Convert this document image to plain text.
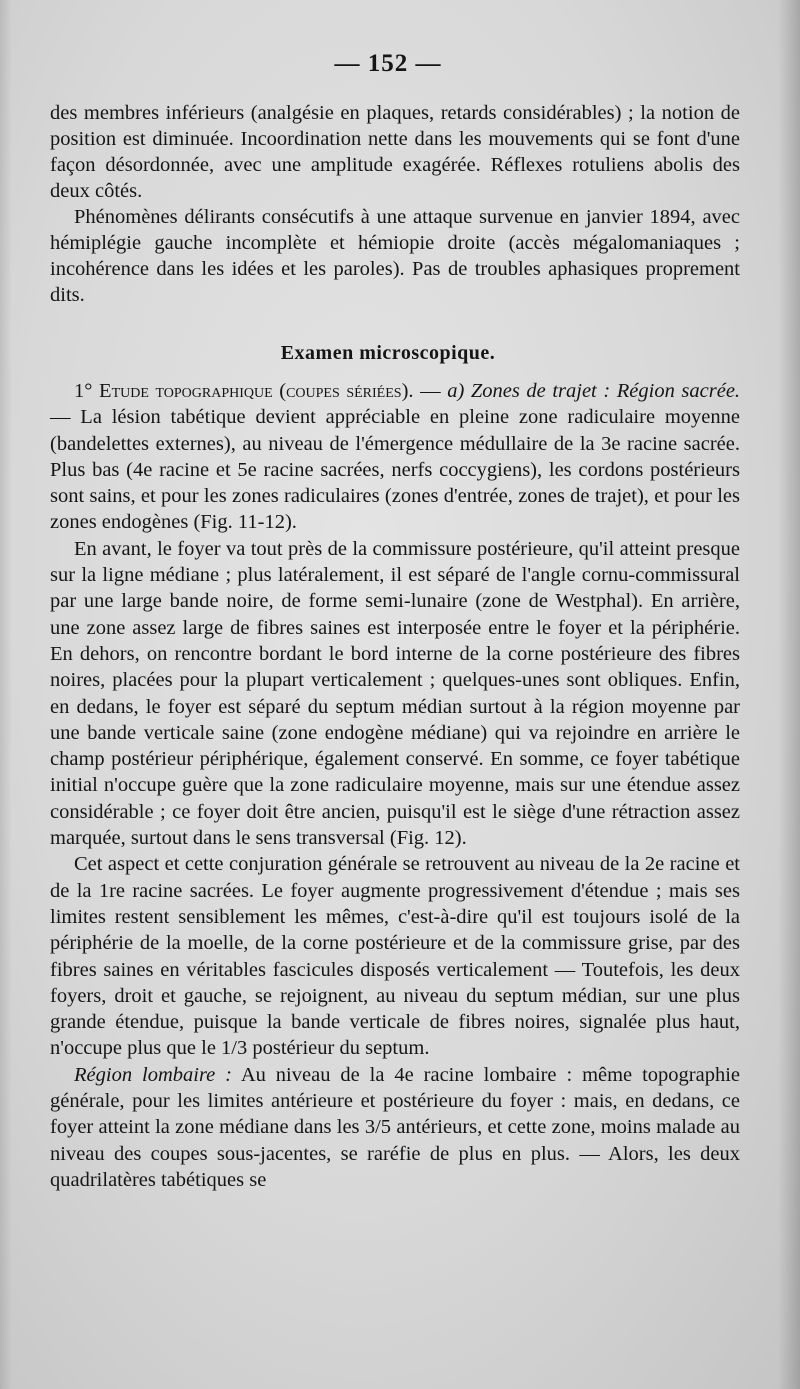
— 152 —

des membres inférieurs (analgésie en plaques, retards considérables) ; la notion de position est diminuée. Incoordination nette dans les mouvements qui se font d'une façon désordonnée, avec une amplitude exagérée. Réflexes rotuliens abolis des deux côtés.

Phénomènes délirants consécutifs à une attaque survenue en janvier 1894, avec hémiplégie gauche incomplète et hémiopie droite (accès mégalomaniaques ; incohérence dans les idées et les paroles). Pas de troubles aphasiques proprement dits.

Examen microscopique.

1° Etude topographique (coupes sériées). — a) Zones de trajet : Région sacrée. — La lésion tabétique devient appréciable en pleine zone radiculaire moyenne (bandelettes externes), au niveau de l'émergence médullaire de la 3e racine sacrée. Plus bas (4e racine et 5e racine sacrées, nerfs coccygiens), les cordons postérieurs sont sains, et pour les zones radiculaires (zones d'entrée, zones de trajet), et pour les zones endogènes (Fig. 11-12).

En avant, le foyer va tout près de la commissure postérieure, qu'il atteint presque sur la ligne médiane ; plus latéralement, il est séparé de l'angle cornu-commissural par une large bande noire, de forme semi-lunaire (zone de Westphal). En arrière, une zone assez large de fibres saines est interposée entre le foyer et la périphérie. En dehors, on rencontre bordant le bord interne de la corne postérieure des fibres noires, placées pour la plupart verticalement ; quelques-unes sont obliques. Enfin, en dedans, le foyer est séparé du septum médian surtout à la région moyenne par une bande verticale saine (zone endogène médiane) qui va rejoindre en arrière le champ postérieur périphérique, également conservé. En somme, ce foyer tabétique initial n'occupe guère que la zone radiculaire moyenne, mais sur une étendue assez considérable ; ce foyer doit être ancien, puisqu'il est le siège d'une rétraction assez marquée, surtout dans le sens transversal (Fig. 12).

Cet aspect et cette conjuration générale se retrouvent au niveau de la 2e racine et de la 1re racine sacrées. Le foyer augmente progressivement d'étendue ; mais ses limites restent sensiblement les mêmes, c'est-à-dire qu'il est toujours isolé de la périphérie de la moelle, de la corne postérieure et de la commissure grise, par des fibres saines en véritables fascicules disposés verticalement — Toutefois, les deux foyers, droit et gauche, se rejoignent, au niveau du septum médian, sur une plus grande étendue, puisque la bande verticale de fibres noires, signalée plus haut, n'occupe plus que le 1/3 postérieur du septum.

Région lombaire : Au niveau de la 4e racine lombaire : même topographie générale, pour les limites antérieure et postérieure du foyer : mais, en dedans, ce foyer atteint la zone médiane dans les 3/5 antérieurs, et cette zone, moins malade au niveau des coupes sous-jacentes, se raréfie de plus en plus. — Alors, les deux quadrilatères tabétiques se
